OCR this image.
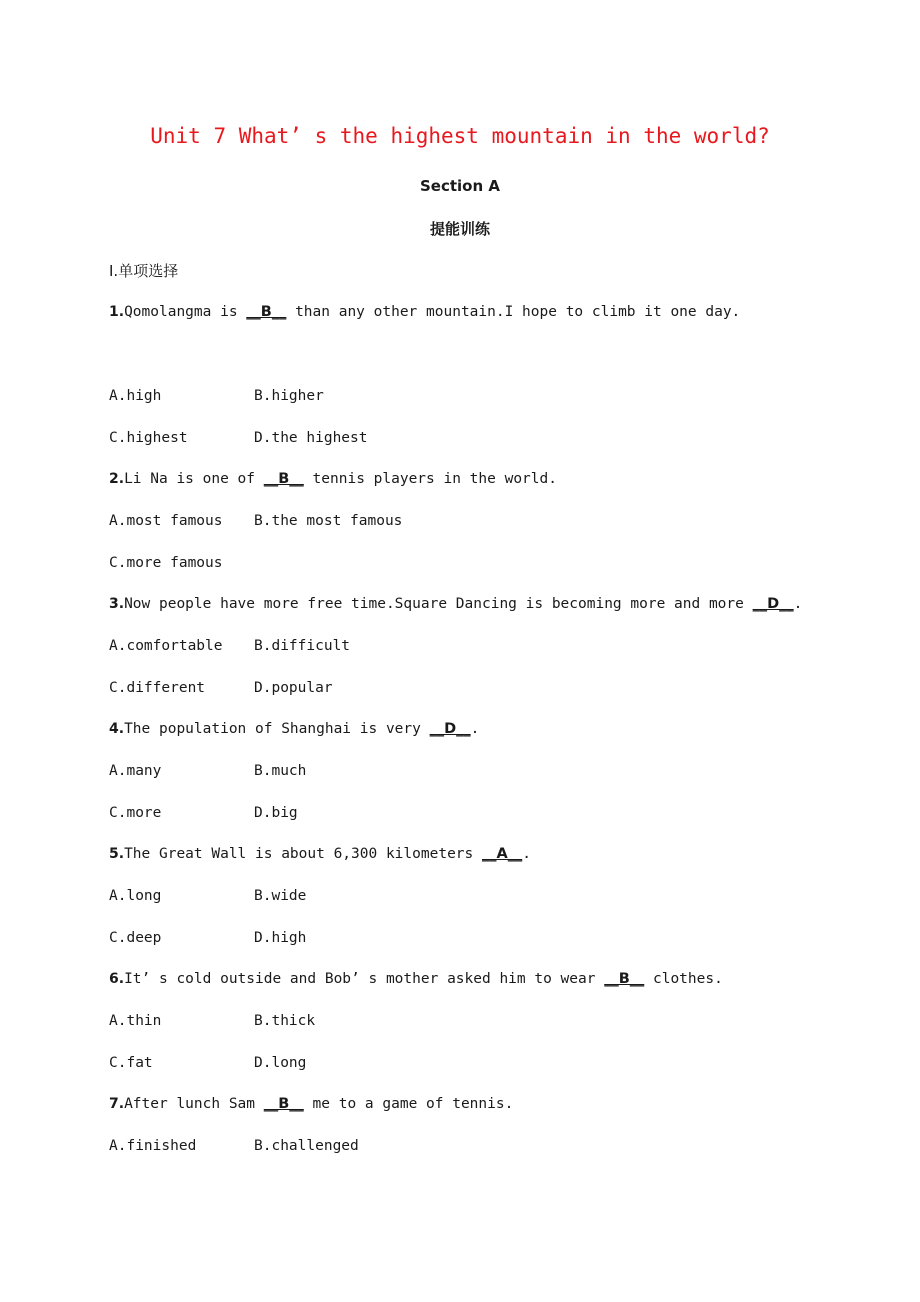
Unit 7 What’ s the highest mountain in the world?
Section A
提能训练
Ⅰ.单项选择
1.Qomolangma is __B__ than any other mountain.I hope to climb it one day.
A.high	B.higher
C.highest	D.the highest
2.Li Na is one of __B__ tennis players in the world.
A.most famous B.the most famous
C.more famous
3.Now people have more free time.Square Dancing is becoming more and more __D__.
A.comfortable B.difficult
C.different	D.popular
4.The population of Shanghai is very __D__.
A.many	B.much
C.more	D.big
5.The Great Wall is about 6,300 kilometers __A__.
A.long	B.wide
C.deep	D.high
6.It’ s cold outside and Bob’ s mother asked him to wear __B__ clothes.
A.thin	B.thick
C.fat	D.long
7.After lunch Sam __B__ me to a game of tennis.
A.finished	B.challenged
